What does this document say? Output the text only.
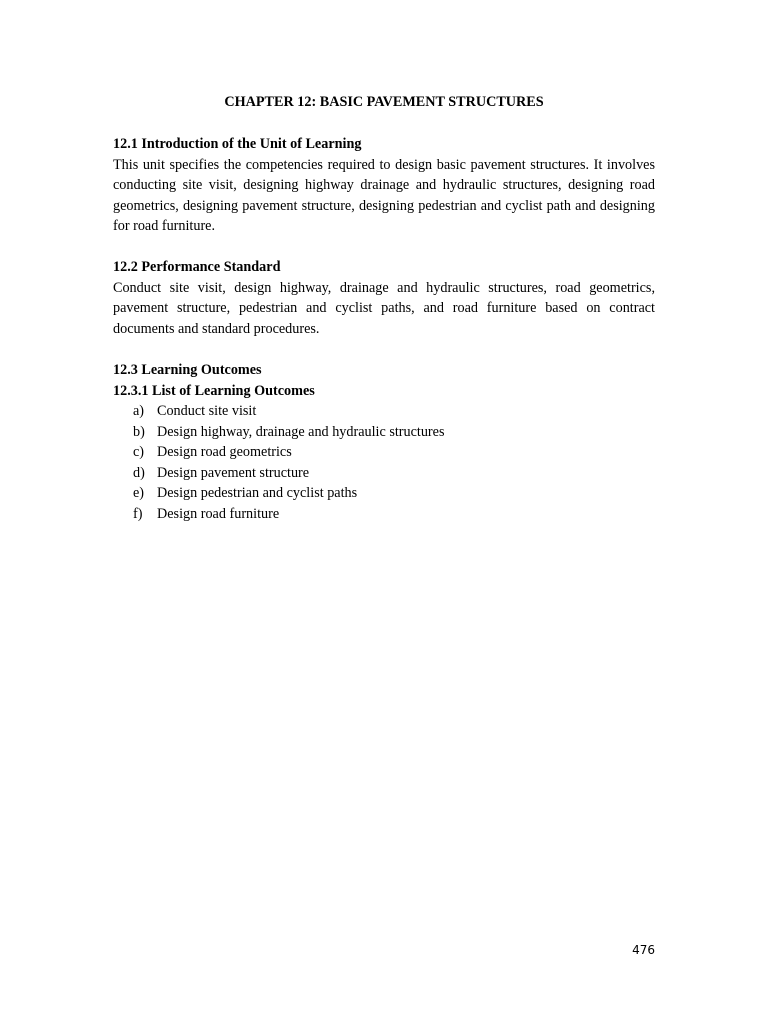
CHAPTER 12: BASIC PAVEMENT STRUCTURES

12.1 Introduction of the Unit of Learning

This unit specifies the competencies required to design basic pavement structures. It involves conducting site visit, designing highway drainage and hydraulic structures, designing road geometrics, designing pavement structure, designing pedestrian and cyclist path and designing for road furniture.

12.2 Performance Standard

Conduct site visit, design highway, drainage and hydraulic structures, road geometrics, pavement structure, pedestrian and cyclist paths, and road furniture based on contract documents and standard procedures.

12.3 Learning Outcomes

12.3.1 List of Learning Outcomes

a) Conduct site visit
b) Design highway, drainage and hydraulic structures
c) Design road geometrics
d) Design pavement structure
e) Design pedestrian and cyclist paths
f)	Design road furniture
476
